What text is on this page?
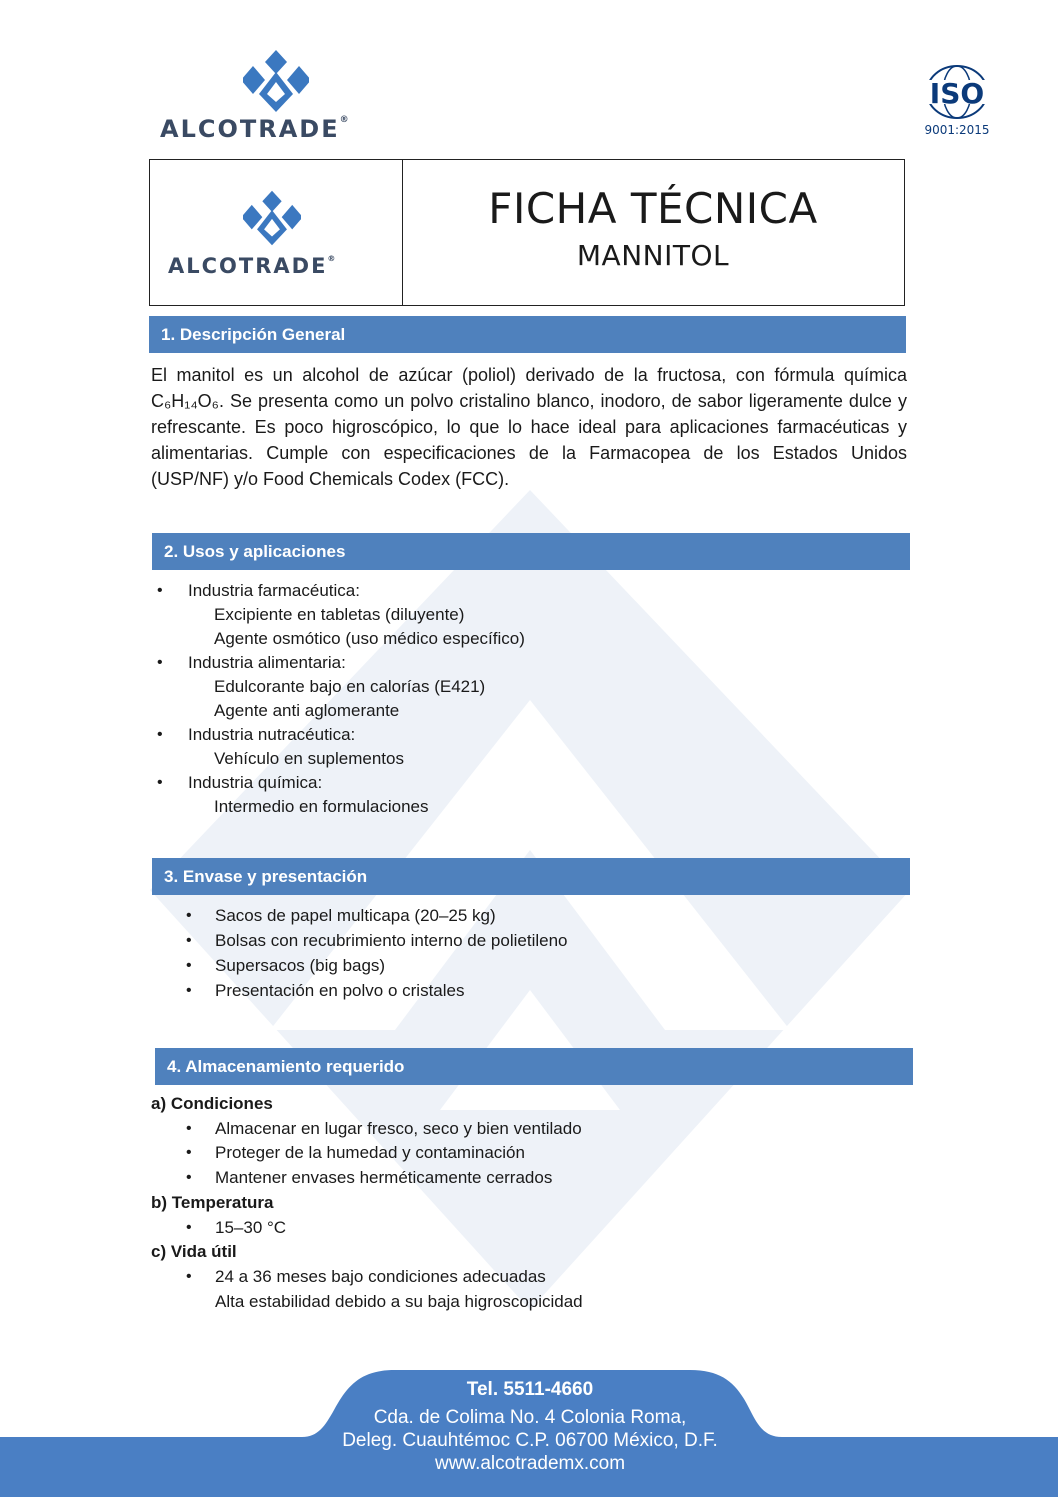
ALCOTRADE®
ISO
9001:2015
ALCOTRADE®
FICHA TÉCNICA
MANNITOL
1. Descripción General
El manitol es un alcohol de azúcar (poliol) derivado de la fructosa, con fórmula química C₆H₁₄O₆. Se presenta como un polvo cristalino blanco, inodoro, de sabor ligeramente dulce y refrescante. Es poco higroscópico, lo que lo hace ideal para aplicaciones farmacéuticas y alimentarias. Cumple con especificaciones de la Farmacopea de los Estados Unidos (USP/NF) y/o Food Chemicals Codex (FCC).
2. Usos y aplicaciones
• Industria farmacéutica:
Excipiente en tabletas (diluyente)
Agente osmótico (uso médico específico)
• Industria alimentaria:
Edulcorante bajo en calorías (E421)
Agente anti aglomerante
• Industria nutracéutica:
Vehículo en suplementos
• Industria química:
Intermedio en formulaciones
3. Envase y presentación
• Sacos de papel multicapa (20–25 kg)
• Bolsas con recubrimiento interno de polietileno
• Supersacos (big bags)
• Presentación en polvo o cristales
4. Almacenamiento requerido
a) Condiciones
• Almacenar en lugar fresco, seco y bien ventilado
• Proteger de la humedad y contaminación
• Mantener envases herméticamente cerrados
b) Temperatura
• 15–30 °C
c) Vida útil
• 24 a 36 meses bajo condiciones adecuadas
Alta estabilidad debido a su baja higroscopicidad
Tel. 5511-4660
Cda. de Colima No. 4 Colonia Roma,
Deleg. Cuauhtémoc C.P. 06700 México, D.F.
www.alcotrademx.com
